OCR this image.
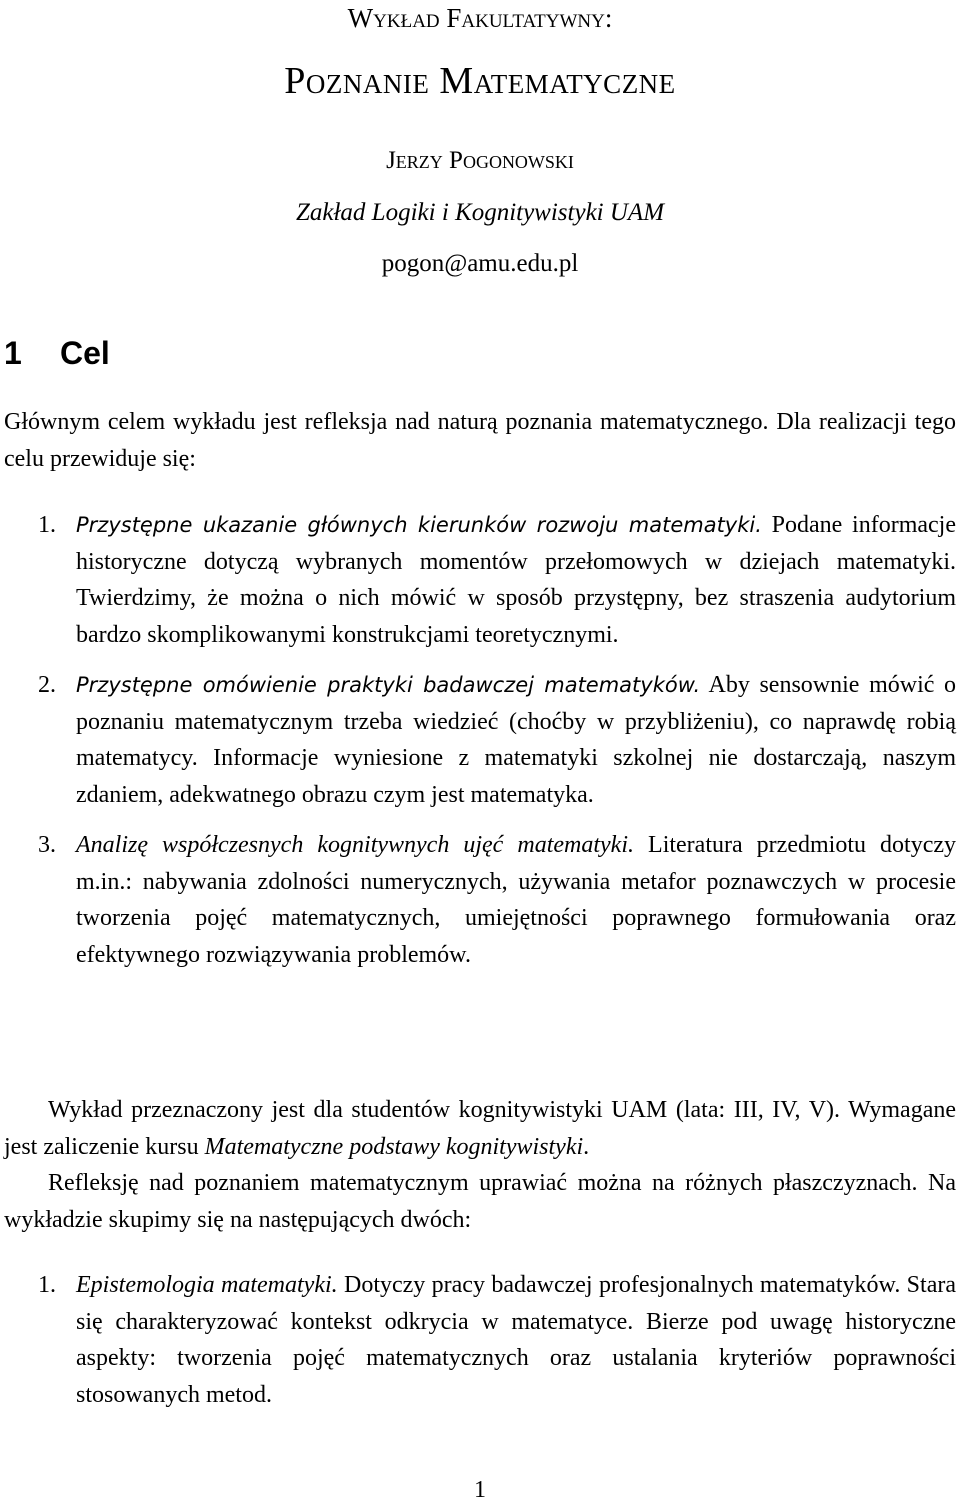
Wykład Fakultatywny:
Poznanie Matematyczne
Jerzy Pogonowski
Zakład Logiki i Kognitywistyki UAM
pogon@amu.edu.pl
1 Cel
Głównym celem wykładu jest refleksja nad naturą poznania matematycznego. Dla realizacji tego celu przewiduje się:
1. Przystępne ukazanie głównych kierunków rozwoju matematyki. Podane informacje historyczne dotyczą wybranych momentów przełomowych w dziejach matematyki. Twierdzimy, że można o nich mówić w sposób przystępny, bez straszenia audytorium bardzo skomplikowanymi konstrukcjami teoretycznymi.
2. Przystępne omówienie praktyki badawczej matematyków. Aby sensownie mówić o poznaniu matematycznym trzeba wiedzieć (choćby w przybliżeniu), co naprawdę robią matematycy. Informacje wyniesione z matematyki szkolnej nie dostarczają, naszym zdaniem, adekwatnego obrazu czym jest matematyka.
3. Analizę współczesnych kognitywnych ujęć matematyki. Literatura przedmiotu dotyczy m.in.: nabywania zdolności numerycznych, używania metafor poznawczych w procesie tworzenia pojęć matematycznych, umiejętności poprawnego formułowania oraz efektywnego rozwiązywania problemów.
Wykład przeznaczony jest dla studentów kognitywistyki UAM (lata: III, IV, V). Wymagane jest zaliczenie kursu Matematyczne podstawy kognitywistyki.
Refleksję nad poznaniem matematycznym uprawiać można na różnych płaszczyznach. Na wykładzie skupimy się na następujących dwóch:
1. Epistemologia matematyki. Dotyczy pracy badawczej profesjonalnych matematyków. Stara się charakteryzować kontekst odkrycia w matematyce. Bierze pod uwagę historyczne aspekty: tworzenia pojęć matematycznych oraz ustalania kryteriów poprawności stosowanych metod.
1
